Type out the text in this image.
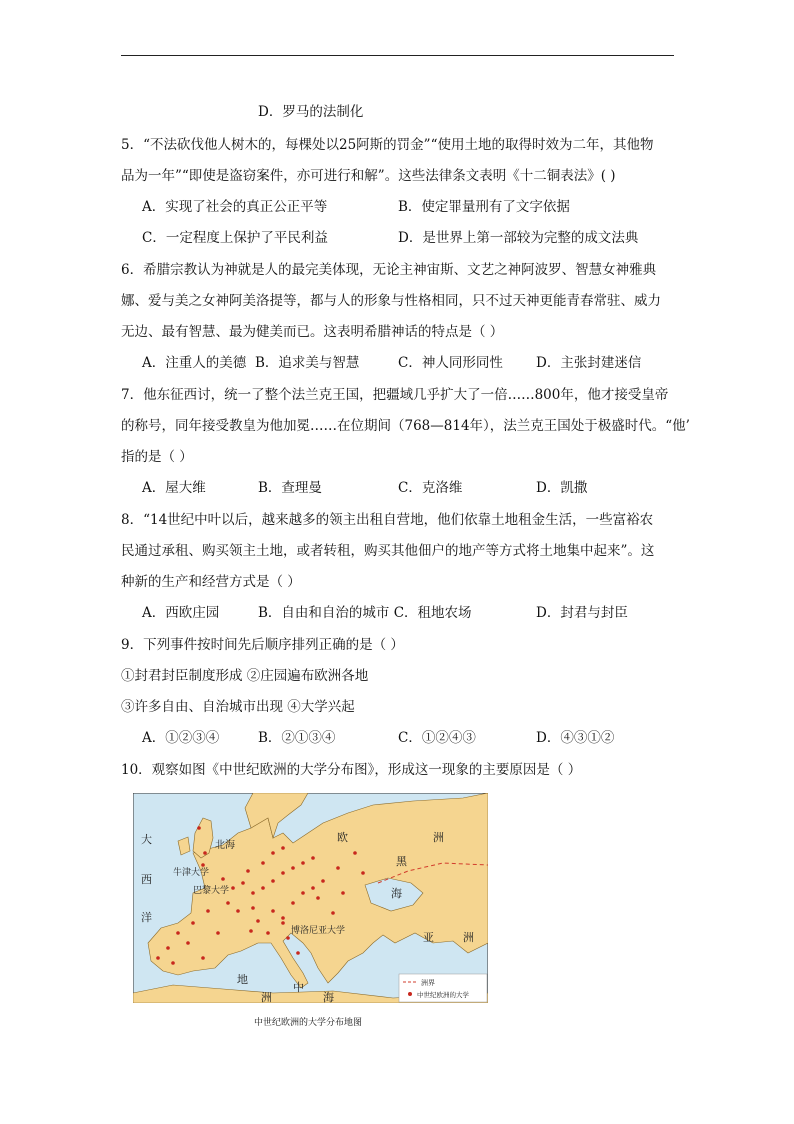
D．罗马的法制化
5．“不法砍伐他人树木的，每棵处以25阿斯的罚金”“使用土地的取得时效为二年，其他物
品为一年”“即使是盗窃案件，亦可进行和解”。这些法律条文表明《十二铜表法》( )
A．实现了社会的真正公正平等	B．使定罪量刑有了文字依据
C．一定程度上保护了平民利益	D．是世界上第一部较为完整的成文法典
6．希腊宗教认为神就是人的最完美体现，无论主神宙斯、文艺之神阿波罗、智慧女神雅典
娜、爱与美之女神阿美洛提等，都与人的形象与性格相同，只不过天神更能青春常驻、威力
无边、最有智慧、最为健美而已。这表明希腊神话的特点是（ ）
A．注重人的美德 B．追求美与智慧	C．神人同形同性 D．主张封建迷信
7．他东征西讨，统一了整个法兰克王国，把疆域几乎扩大了一倍……800年，他才接受皇帝
的称号，同年接受教皇为他加冕……在位期间（768—814年），法兰克王国处于极盛时代。“他’
指的是（ ）
A．屋大维	B．查理曼	C．克洛维	D．凯撒
8．“14世纪中叶以后，越来越多的领主出租自营地，他们依靠土地租金生活，一些富裕农
民通过承租、购买领主土地，或者转租，购买其他佃户的地产等方式将土地集中起来”。这
种新的生产和经营方式是（ ）
A．西欧庄园	B．自由和自治的城市 C．租地农场	D．封君与封臣
9．下列事件按时间先后顺序排列正确的是（ ）
①封君封臣制度形成 ②庄园遍布欧洲各地
③许多自由、自治城市出现 ④大学兴起
A．①②③④	B．②①③④	C．①②④③	D．④③①②
10．观察如图《中世纪欧洲的大学分布图》，形成这一现象的主要原因是（ ）
大
西
洋
北海
欧	洲
牛津大学
巴黎大学
博洛尼亚大学
黑
海
亚	洲
地
中
洲	海
洲界
中世纪欧洲的大学
中世纪欧洲的大学分布地图
